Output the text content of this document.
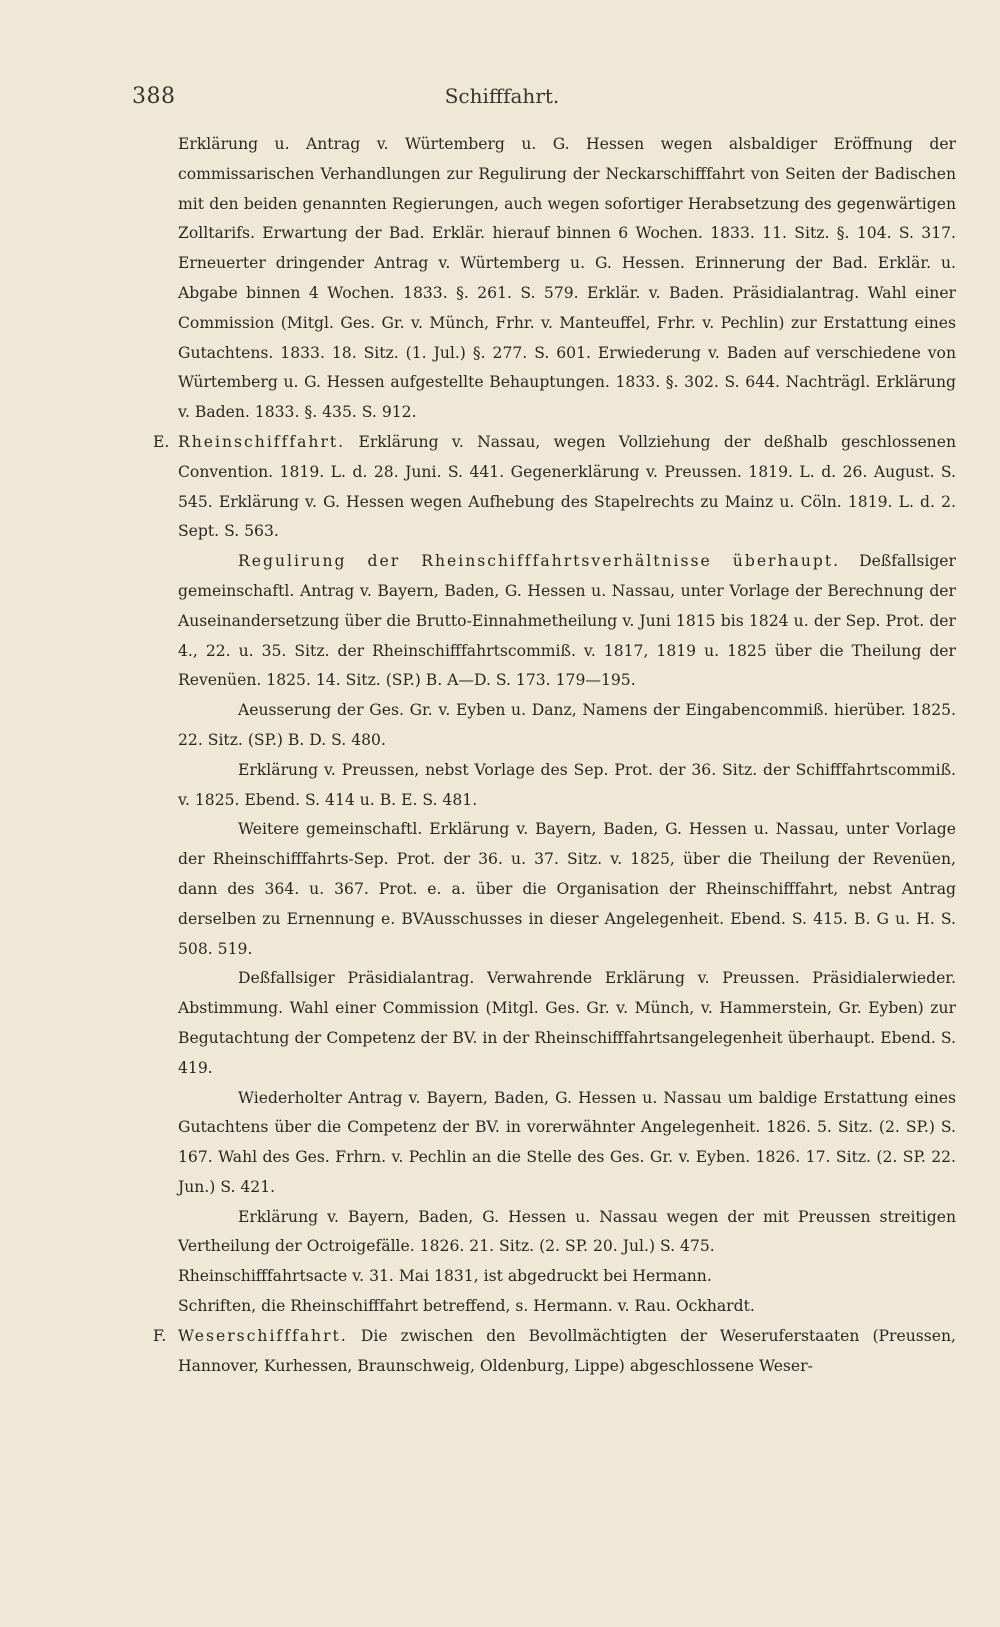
388	Schifffahrt.

Erklärung u. Antrag v. Würtemberg u. G. Hessen wegen alsbaldiger Eröffnung der commissarischen Verhandlungen zur Regulirung der Neckarschifffahrt von Seiten der Badischen mit den beiden genannten Regierungen, auch wegen sofortiger Herabsetzung des gegenwärtigen Zolltarifs. Erwartung der Bad. Erklär. hierauf binnen 6 Wochen. 1833. 11. Sitz. §. 104. S. 317. Erneuerter dringender Antrag v. Würtemberg u. G. Hessen. Erinnerung der Bad. Erklär. u. Abgabe binnen 4 Wochen. 1833. §. 261. S. 579. Erklär. v. Baden. Präsidialantrag. Wahl einer Commission (Mitgl. Ges. Gr. v. Münch, Frhr. v. Manteuffel, Frhr. v. Pechlin) zur Erstattung eines Gutachtens. 1833. 18. Sitz. (1. Jul.) §. 277. S. 601. Erwiederung v. Baden auf verschiedene von Würtemberg u. G. Hessen aufgestellte Behauptungen. 1833. §. 302. S. 644. Nachträgl. Erklärung v. Baden. 1833. §. 435. S. 912.

E. Rheinschifffahrt. Erklärung v. Nassau, wegen Vollziehung der deßhalb geschlossenen Convention. 1819. L. d. 28. Juni. S. 441. Gegenerklärung v. Preussen. 1819. L. d. 26. August. S. 545. Erklärung v. G. Hessen wegen Aufhebung des Stapelrechts zu Mainz u. Cöln. 1819. L. d. 2. Sept. S. 563.

Regulirung der Rheinschifffahrtsverhältnisse überhaupt. Deßfallsiger gemeinschaftl. Antrag v. Bayern, Baden, G. Hessen u. Nassau, unter Vorlage der Berechnung der Auseinandersetzung über die Brutto-Einnahmetheilung v. Juni 1815 bis 1824 u. der Sep. Prot. der 4., 22. u. 35. Sitz. der Rheinschifffahrtscommiß. v. 1817, 1819 u. 1825 über die Theilung der Revenüen. 1825. 14. Sitz. (SP.) B. A—D. S. 173. 179—195.

Aeusserung der Ges. Gr. v. Eyben u. Danz, Namens der Eingabencommiß. hierüber. 1825. 22. Sitz. (SP.) B. D. S. 480.

Erklärung v. Preussen, nebst Vorlage des Sep. Prot. der 36. Sitz. der Schifffahrtscommiß. v. 1825. Ebend. S. 414 u. B. E. S. 481.

Weitere gemeinschaftl. Erklärung v. Bayern, Baden, G. Hessen u. Nassau, unter Vorlage der Rheinschifffahrts-Sep. Prot. der 36. u. 37. Sitz. v. 1825, über die Theilung der Revenüen, dann des 364. u. 367. Prot. e. a. über die Organisation der Rheinschifffahrt, nebst Antrag derselben zu Ernennung e. BVAusschusses in dieser Angelegenheit. Ebend. S. 415. B. G u. H. S. 508. 519.

Deßfallsiger Präsidialantrag. Verwahrende Erklärung v. Preussen. Präsidialerwieder. Abstimmung. Wahl einer Commission (Mitgl. Ges. Gr. v. Münch, v. Hammerstein, Gr. Eyben) zur Begutachtung der Competenz der BV. in der Rheinschifffahrtsangelegenheit überhaupt. Ebend. S. 419.

Wiederholter Antrag v. Bayern, Baden, G. Hessen u. Nassau um baldige Erstattung eines Gutachtens über die Competenz der BV. in vorerwähnter Angelegenheit. 1826. 5. Sitz. (2. SP.) S. 167. Wahl des Ges. Frhrn. v. Pechlin an die Stelle des Ges. Gr. v. Eyben. 1826. 17. Sitz. (2. SP. 22. Jun.) S. 421.

Erklärung v. Bayern, Baden, G. Hessen u. Nassau wegen der mit Preussen streitigen Vertheilung der Octroigefälle. 1826. 21. Sitz. (2. SP. 20. Jul.) S. 475.

Rheinschifffahrtsacte v. 31. Mai 1831, ist abgedruckt bei Hermann.

Schriften, die Rheinschifffahrt betreffend, s. Hermann. v. Rau. Ockhardt.

F. Weserschifffahrt. Die zwischen den Bevollmächtigten der Weseruferstaaten (Preussen, Hannover, Kurhessen, Braunschweig, Oldenburg, Lippe) abgeschlossene Weser-
